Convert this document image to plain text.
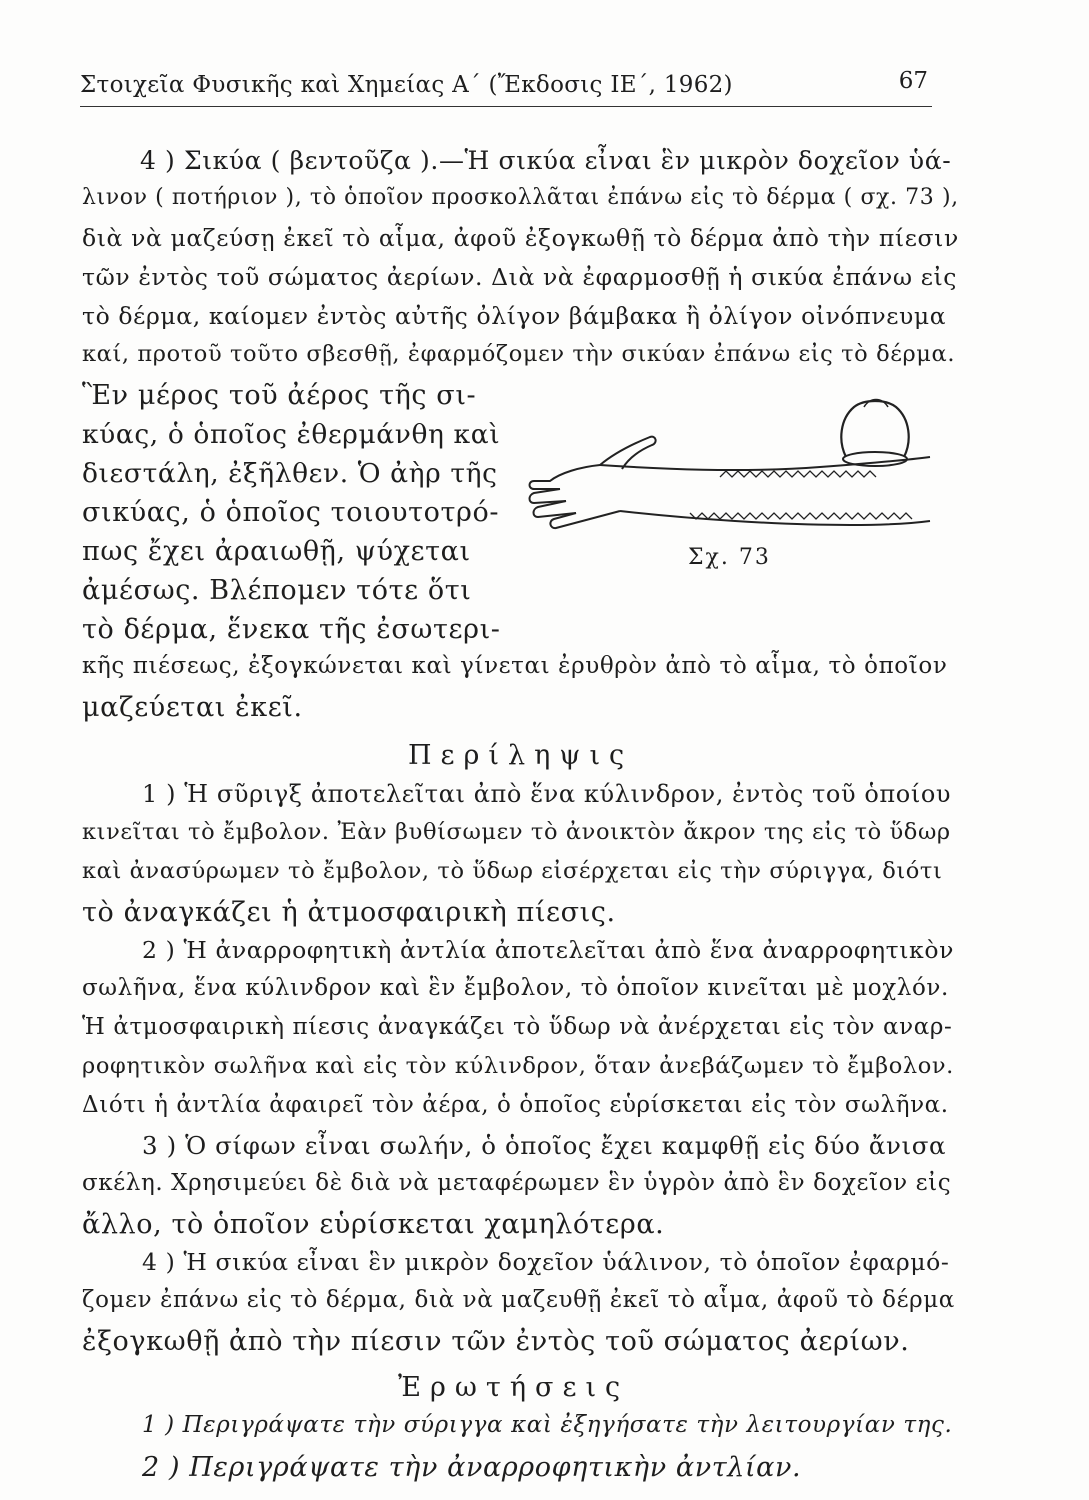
Στοιχεῖα Φυσικῆς καὶ Χημείας Α΄ (Ἔκδοσις ΙΕ΄, 1962)	67
4 ) Σικύα ( βεντοῦζα ).—Ἡ σικύα εἶναι ἓν μικρὸν δοχεῖον ὑά-
λινον ( ποτήριον ), τὸ ὁποῖον προσκολλᾶται ἐπάνω εἰς τὸ δέρμα ( σχ. 73 ),
διὰ νὰ μαζεύσῃ ἐκεῖ τὸ αἷμα, ἀφοῦ ἐξογκωθῇ τὸ δέρμα ἀπὸ τὴν πίεσιν
τῶν ἐντὸς τοῦ σώματος ἀερίων. Διὰ νὰ ἐφαρμοσθῇ ἡ σικύα ἐπάνω εἰς
τὸ δέρμα, καίομεν ἐντὸς αὐτῆς ὀλίγον βάμβακα ἢ ὀλίγον οἰνόπνευμα
καί, προτοῦ τοῦτο σβεσθῇ, ἐφαρμόζομεν τὴν σικύαν ἐπάνω εἰς τὸ δέρμα.
Ἓν μέρος τοῦ ἀέρος τῆς σι-
κύας, ὁ ὁποῖος ἐθερμάνθη καὶ
διεστάλη, ἐξῆλθεν. Ὁ ἀὴρ τῆς
σικύας, ὁ ὁποῖος τοιουτοτρό-
πως ἔχει ἀραιωθῇ, ψύχεται
ἀμέσως. Βλέπομεν τότε ὅτι
τὸ δέρμα, ἕνεκα τῆς ἐσωτερι-
κῆς πιέσεως, ἐξογκώνεται καὶ γίνεται ἐρυθρὸν ἀπὸ τὸ αἷμα, τὸ ὁποῖον
μαζεύεται ἐκεῖ.
Σχ. 73
Περίληψις
1 ) Ἡ σῦριγξ ἀποτελεῖται ἀπὸ ἕνα κύλινδρον, ἐντὸς τοῦ ὁποίου
κινεῖται τὸ ἔμβολον. Ἐὰν βυθίσωμεν τὸ ἀνοικτὸν ἄκρον της εἰς τὸ ὕδωρ
καὶ ἀνασύρωμεν τὸ ἔμβολον, τὸ ὕδωρ εἰσέρχεται εἰς τὴν σύριγγα, διότι
τὸ ἀναγκάζει ἡ ἀτμοσφαιρικὴ πίεσις.
2 ) Ἡ ἀναρροφητικὴ ἀντλία ἀποτελεῖται ἀπὸ ἕνα ἀναρροφητικὸν
σωλῆνα, ἕνα κύλινδρον καὶ ἓν ἔμβολον, τὸ ὁποῖον κινεῖται μὲ μοχλόν.
Ἡ ἀτμοσφαιρικὴ πίεσις ἀναγκάζει τὸ ὕδωρ νὰ ἀνέρχεται εἰς τὸν αναρ-
ροφητικὸν σωλῆνα καὶ εἰς τὸν κύλινδρον, ὅταν ἀνεβάζωμεν τὸ ἔμβολον.
Διότι ἡ ἀντλία ἀφαιρεῖ τὸν ἀέρα, ὁ ὁποῖος εὑρίσκεται εἰς τὸν σωλῆνα.
3 ) Ὁ σίφων εἶναι σωλήν, ὁ ὁποῖος ἔχει καμφθῇ εἰς δύο ἄνισα
σκέλη. Χρησιμεύει δὲ διὰ νὰ μεταφέρωμεν ἓν ὑγρὸν ἀπὸ ἓν δοχεῖον εἰς
ἄλλο, τὸ ὁποῖον εὑρίσκεται χαμηλότερα.
4 ) Ἡ σικύα εἶναι ἓν μικρὸν δοχεῖον ὑάλινον, τὸ ὁποῖον ἐφαρμό-
ζομεν ἐπάνω εἰς τὸ δέρμα, διὰ νὰ μαζευθῇ ἐκεῖ τὸ αἷμα, ἀφοῦ τὸ δέρμα
ἐξογκωθῇ ἀπὸ τὴν πίεσιν τῶν ἐντὸς τοῦ σώματος ἀερίων.
Ἐρωτήσεις
1 ) Περιγράψατε τὴν σύριγγα καὶ ἐξηγήσατε τὴν λειτουργίαν της.
2 ) Περιγράψατε τὴν ἀναρροφητικὴν ἀντλίαν.
